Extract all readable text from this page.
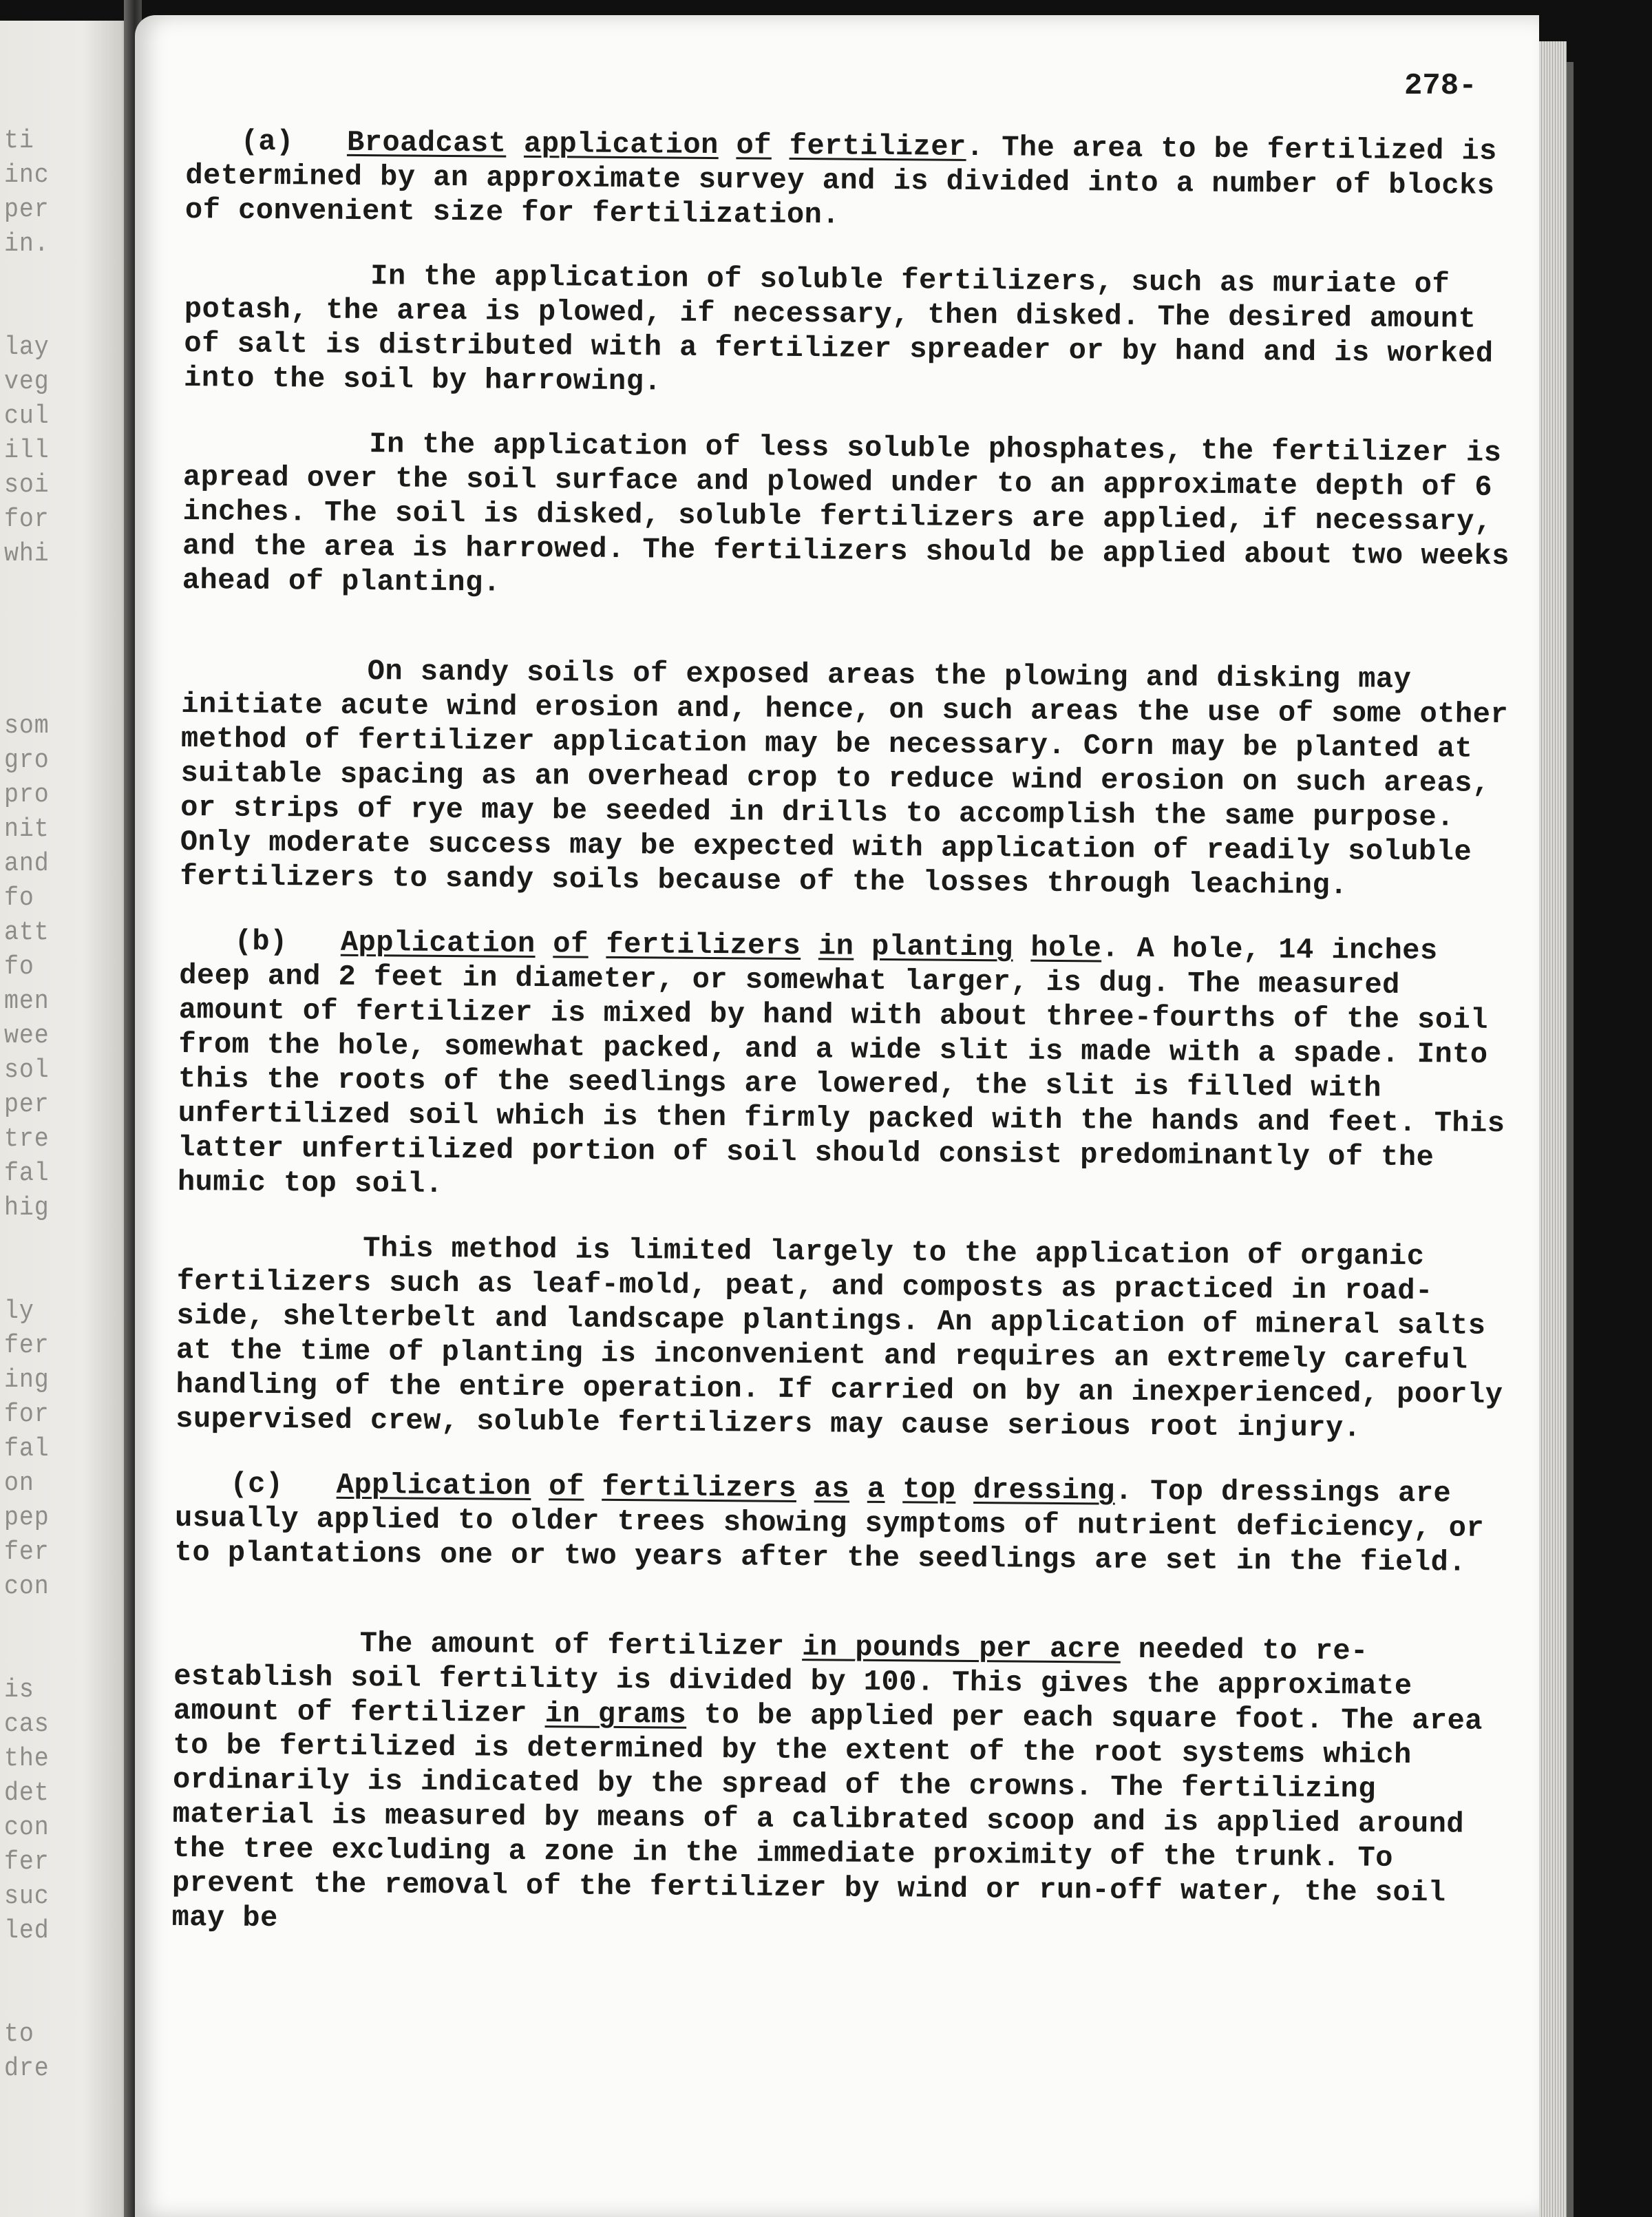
ti
inc
per
in.
lay
veg
cul
ill
soi
for
whi
som
gro
pro
nit
and
fo
att
fo
men
wee
sol
per
tre
fal
hig
ly
fer
ing
for
fal
on
pep
fer
con
is
cas
the
det
con
fer
suc
led
to
dre
278-

(a) Broadcast application of fertilizer. The area to be fertilized is determined by an approximate survey and is divided into a number of blocks of convenient size for fertilization.

In the application of soluble fertilizers, such as muriate of potash, the area is plowed, if necessary, then disked. The desired amount of salt is distributed with a fertilizer spreader or by hand and is worked into the soil by harrowing.

In the application of less soluble phosphates, the fertilizer is apread over the soil surface and plowed under to an approximate depth of 6 inches. The soil is disked, soluble fertilizers are applied, if necessary, and the area is harrowed. The fertilizers should be applied about two weeks ahead of planting.

On sandy soils of exposed areas the plowing and disking may initiate acute wind erosion and, hence, on such areas the use of some other method of fertilizer application may be necessary. Corn may be planted at suitable spacing as an overhead crop to reduce wind erosion on such areas, or strips of rye may be seeded in drills to accomplish the same purpose. Only moderate success may be expected with application of readily soluble fertilizers to sandy soils because of the losses through leaching.

(b) Application of fertilizers in planting hole. A hole, 14 inches deep and 2 feet in diameter, or somewhat larger, is dug. The measured amount of fertilizer is mixed by hand with about three-fourths of the soil from the hole, somewhat packed, and a wide slit is made with a spade. Into this the roots of the seedlings are lowered, the slit is filled with unfertilized soil which is then firmly packed with the hands and feet. This latter unfertilized portion of soil should consist predominantly of the humic top soil.

This method is limited largely to the application of organic fertilizers such as leaf-mold, peat, and composts as practiced in road-side, shelterbelt and landscape plantings. An application of mineral salts at the time of planting is inconvenient and requires an extremely careful handling of the entire operation. If carried on by an inexperienced, poorly supervised crew, soluble fertilizers may cause serious root injury.

(c) Application of fertilizers as a top dressing. Top dressings are usually applied to older trees showing symptoms of nutrient deficiency, or to plantations one or two years after the seedlings are set in the field.

The amount of fertilizer in pounds per acre needed to re-establish soil fertility is divided by 100. This gives the approximate amount of fertilizer in grams to be applied per each square foot. The area to be fertilized is determined by the extent of the root systems which ordinarily is indicated by the spread of the crowns. The fertilizing material is measured by means of a calibrated scoop and is applied around the tree excluding a zone in the immediate proximity of the trunk. To prevent the removal of the fertilizer by wind or run-off water, the soil may be
